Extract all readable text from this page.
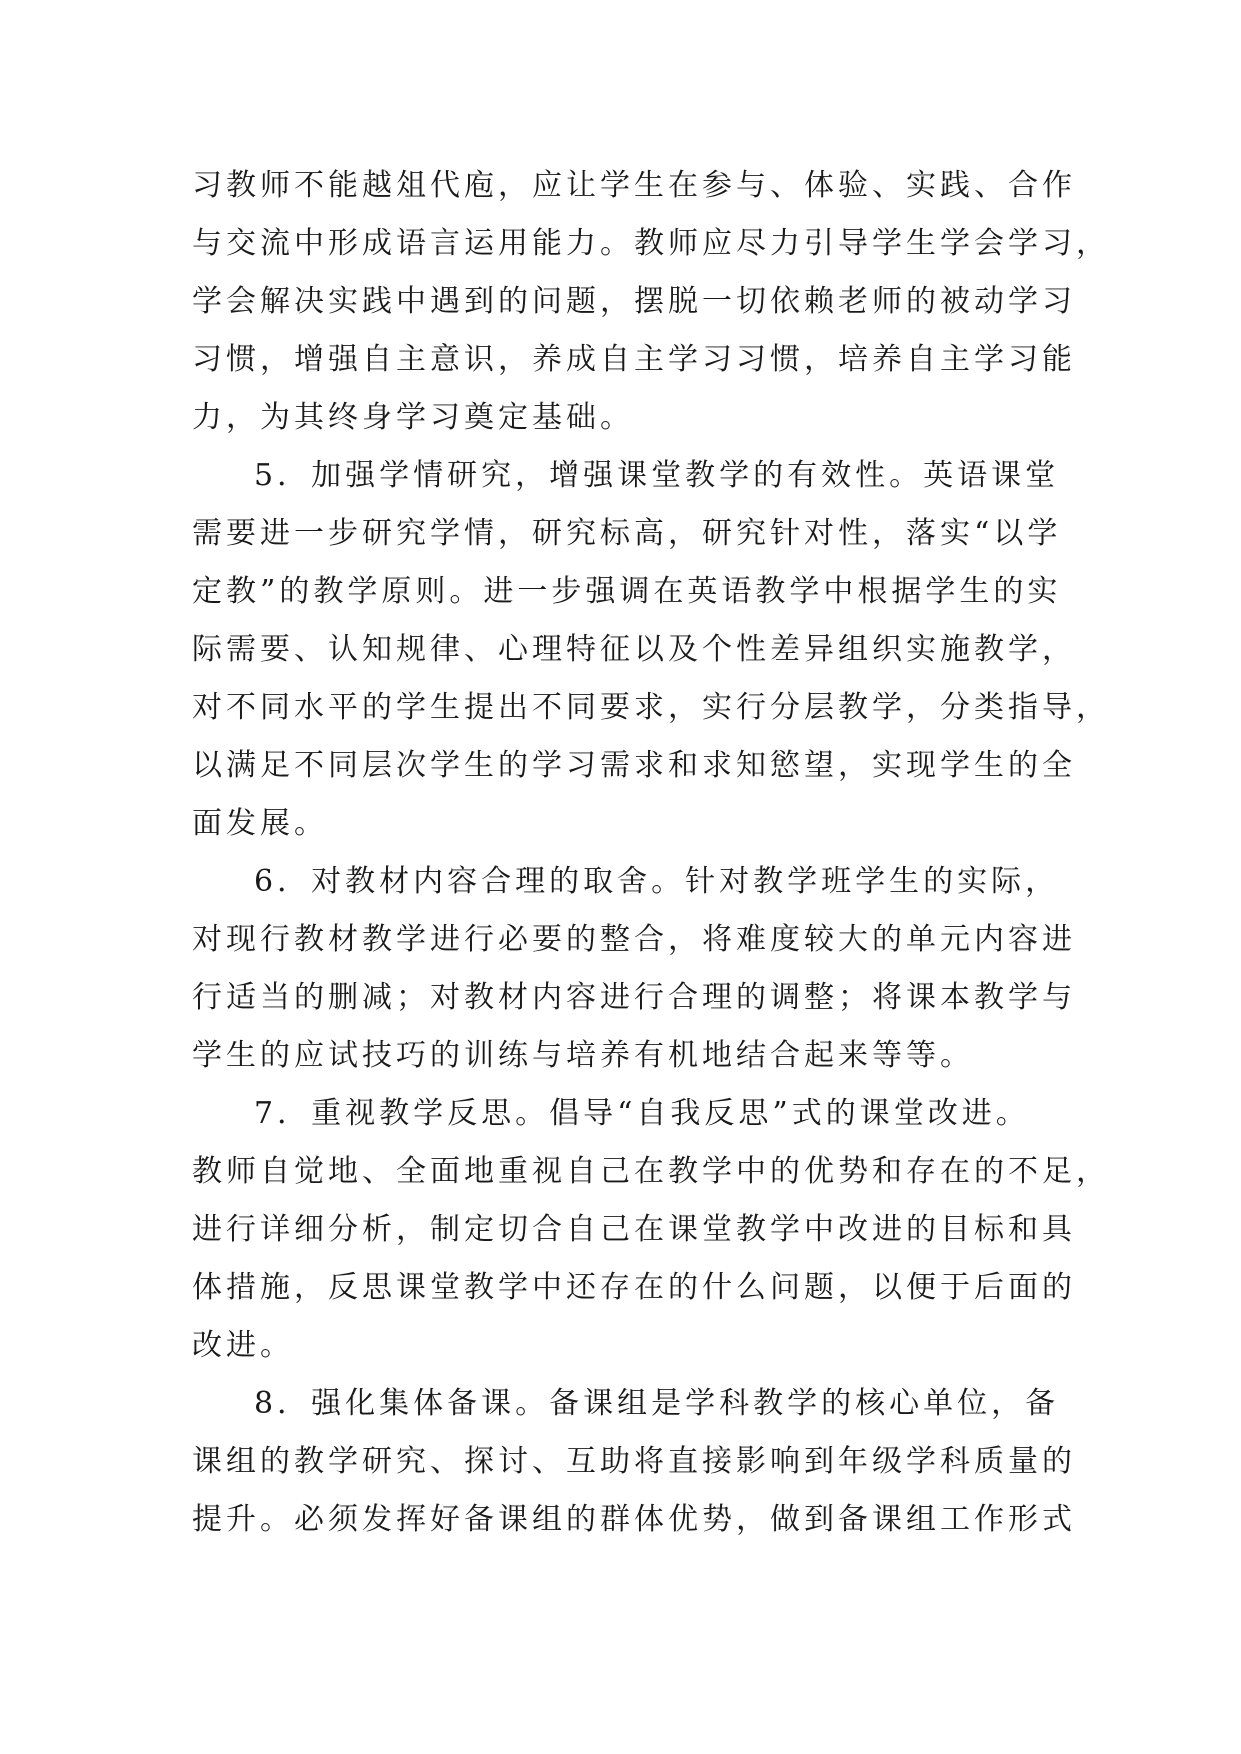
习教师不能越俎代庖，应让学生在参与、体验、实践、合作
与交流中形成语言运用能力。教师应尽力引导学生学会学习，
学会解决实践中遇到的问题，摆脱一切依赖老师的被动学习
习惯，增强自主意识，养成自主学习习惯，培养自主学习能
力，为其终身学习奠定基础。
5．加强学情研究，增强课堂教学的有效性。英语课堂
需要进一步研究学情，研究标高，研究针对性，落实“以学
定教”的教学原则。进一步强调在英语教学中根据学生的实
际需要、认知规律、心理特征以及个性差异组织实施教学，
对不同水平的学生提出不同要求，实行分层教学，分类指导，
以满足不同层次学生的学习需求和求知慾望，实现学生的全
面发展。
6．对教材内容合理的取舍。针对教学班学生的实际，
对现行教材教学进行必要的整合，将难度较大的单元内容进
行适当的删减；对教材内容进行合理的调整；将课本教学与
学生的应试技巧的训练与培养有机地结合起来等等。
7．重视教学反思。倡导“自我反思”式的课堂改进。
教师自觉地、全面地重视自己在教学中的优势和存在的不足，
进行详细分析，制定切合自己在课堂教学中改进的目标和具
体措施，反思课堂教学中还存在的什么问题，以便于后面的
改进。
8．强化集体备课。备课组是学科教学的核心单位，备
课组的教学研究、探讨、互助将直接影响到年级学科质量的
提升。必须发挥好备课组的群体优势，做到备课组工作形式
